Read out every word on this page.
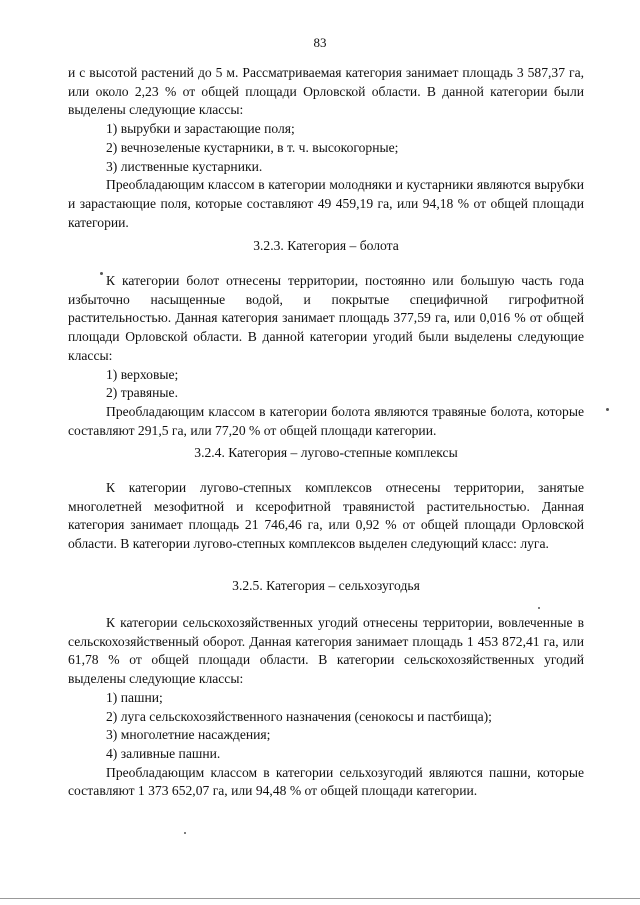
83

и с высотой растений до 5 м. Рассматриваемая категория занимает площадь 3 587,37 га, или около 2,23 % от общей площади Орловской области. В данной категории были выделены следующие классы:

1) вырубки и зарастающие поля;

2) вечнозеленые кустарники, в т. ч. высокогорные;

3) лиственные кустарники.

Преобладающим классом в категории молодняки и кустарники являются вырубки и зарастающие поля, которые составляют 49 459,19 га, или 94,18 % от общей площади категории.

3.2.3. Категория – болота

К категории болот отнесены территории, постоянно или большую часть года избыточно насыщенные водой, и покрытые специфичной гигрофитной растительностью. Данная категория занимает площадь 377,59 га, или 0,016 % от общей площади Орловской области. В данной категории угодий были выделены следующие классы:

1) верховые;

2) травяные.

Преобладающим классом в категории болота являются травяные болота, которые составляют 291,5 га, или 77,20 % от общей площади категории.

3.2.4. Категория – лугово-степные комплексы

К категории лугово-степных комплексов отнесены территории, занятые многолетней мезофитной и ксерофитной травянистой растительностью. Данная категория занимает площадь 21 746,46 га, или 0,92 % от общей площади Орловской области. В категории лугово-степных комплексов выделен следующий класс: луга.

3.2.5. Категория – сельхозугодья

К категории сельскохозяйственных угодий отнесены территории, вовлеченные в сельскохозяйственный оборот. Данная категория занимает площадь 1 453 872,41 га, или 61,78 % от общей площади области. В категории сельскохозяйственных угодий выделены следующие классы:

1) пашни;

2) луга сельскохозяйственного назначения (сенокосы и пастбища);

3) многолетние насаждения;

4) заливные пашни.

Преобладающим классом в категории сельхозугодий являются пашни, которые составляют 1 373 652,07 га, или 94,48 % от общей площади категории.
